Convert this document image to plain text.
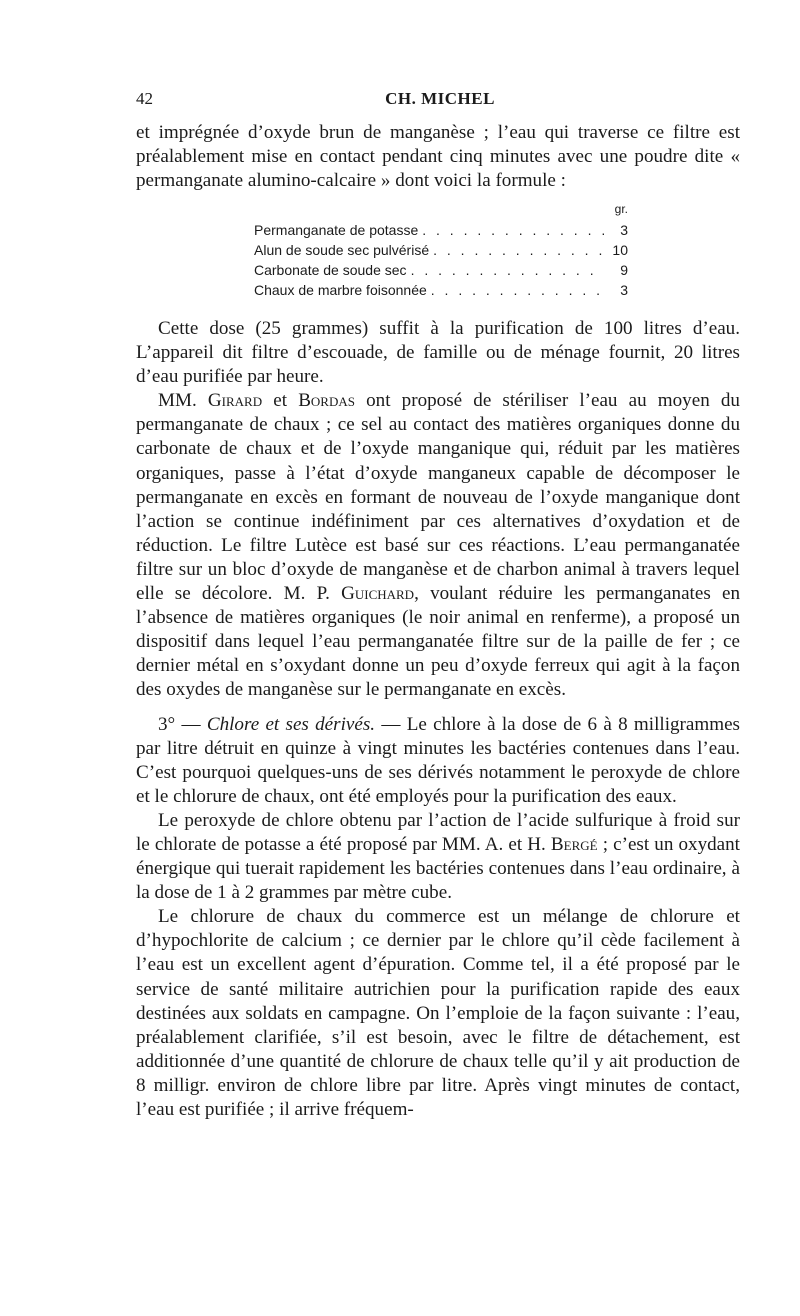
42	CH. MICHEL

et imprégnée d’oxyde brun de manganèse ; l’eau qui traverse ce filtre est préalablement mise en contact pendant cinq minutes avec une poudre dite « permanganate alumino-calcaire » dont voici la formule :

gr.
Permanganate de potasse . . .	3
Alun de soude sec pulvérisé . . .	10
Carbonate de soude sec . . .	9
Chaux de marbre foisonnée . . .	3

Cette dose (25 grammes) suffit à la purification de 100 litres d’eau. L’appareil dit filtre d’escouade, de famille ou de ménage fournit, 20 litres d’eau purifiée par heure.

MM. Girard et Bordas ont proposé de stériliser l’eau au moyen du permanganate de chaux ; ce sel au contact des matières organiques donne du carbonate de chaux et de l’oxyde manganique qui, réduit par les matières organiques, passe à l’état d’oxyde manganeux capable de décomposer le permanganate en excès en formant de nouveau de l’oxyde manganique dont l’action se continue indéfiniment par ces alternatives d’oxydation et de réduction. Le filtre Lutèce est basé sur ces réactions. L’eau permanganatée filtre sur un bloc d’oxyde de manganèse et de charbon animal à travers lequel elle se décolore. M. P. Guichard, voulant réduire les permanganates en l’absence de matières organiques (le noir animal en renferme), a proposé un dispositif dans lequel l’eau permanganatée filtre sur de la paille de fer ; ce dernier métal en s’oxydant donne un peu d’oxyde ferreux qui agit à la façon des oxydes de manganèse sur le permanganate en excès.

3° — Chlore et ses dérivés. — Le chlore à la dose de 6 à 8 milligrammes par litre détruit en quinze à vingt minutes les bactéries contenues dans l’eau. C’est pourquoi quelques-uns de ses dérivés notamment le peroxyde de chlore et le chlorure de chaux, ont été employés pour la purification des eaux.

Le peroxyde de chlore obtenu par l’action de l’acide sulfurique à froid sur le chlorate de potasse a été proposé par MM. A. et H. Bergé ; c’est un oxydant énergique qui tuerait rapidement les bactéries contenues dans l’eau ordinaire, à la dose de 1 à 2 grammes par mètre cube.

Le chlorure de chaux du commerce est un mélange de chlorure et d’hypochlorite de calcium ; ce dernier par le chlore qu’il cède facilement à l’eau est un excellent agent d’épuration. Comme tel, il a été proposé par le service de santé militaire autrichien pour la purification rapide des eaux destinées aux soldats en campagne. On l’emploie de la façon suivante : l’eau, préalablement clarifiée, s’il est besoin, avec le filtre de détachement, est additionnée d’une quantité de chlorure de chaux telle qu’il y ait production de 8 milligr. environ de chlore libre par litre. Après vingt minutes de contact, l’eau est purifiée ; il arrive fréquem-
